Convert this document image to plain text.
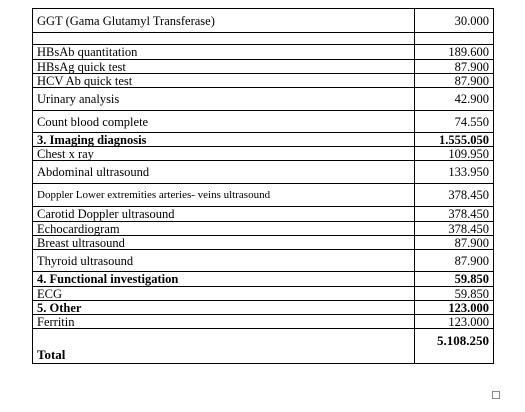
GGT (Gama Glutamyl Transferase)	30.000

HBsAb quantitation	189.600
HBsAg quick test	87.900
HCV Ab quick test	87.900
Urinary analysis	42.900
Count blood complete	74.550
3. Imaging diagnosis	1.555.050
Chest x ray	109.950
Abdominal ultrasound	133.950
Doppler Lower extremities arteries- veins ultrasound	378.450
Carotid Doppler ultrasound	378.450
Echocardiogram	378.450
Breast ultrasound	87.900
Thyroid ultrasound	87.900
4. Functional investigation	59.850
ECG	59.850
5. Other	123.000
Ferritin	123.000
Total	5.108.250
